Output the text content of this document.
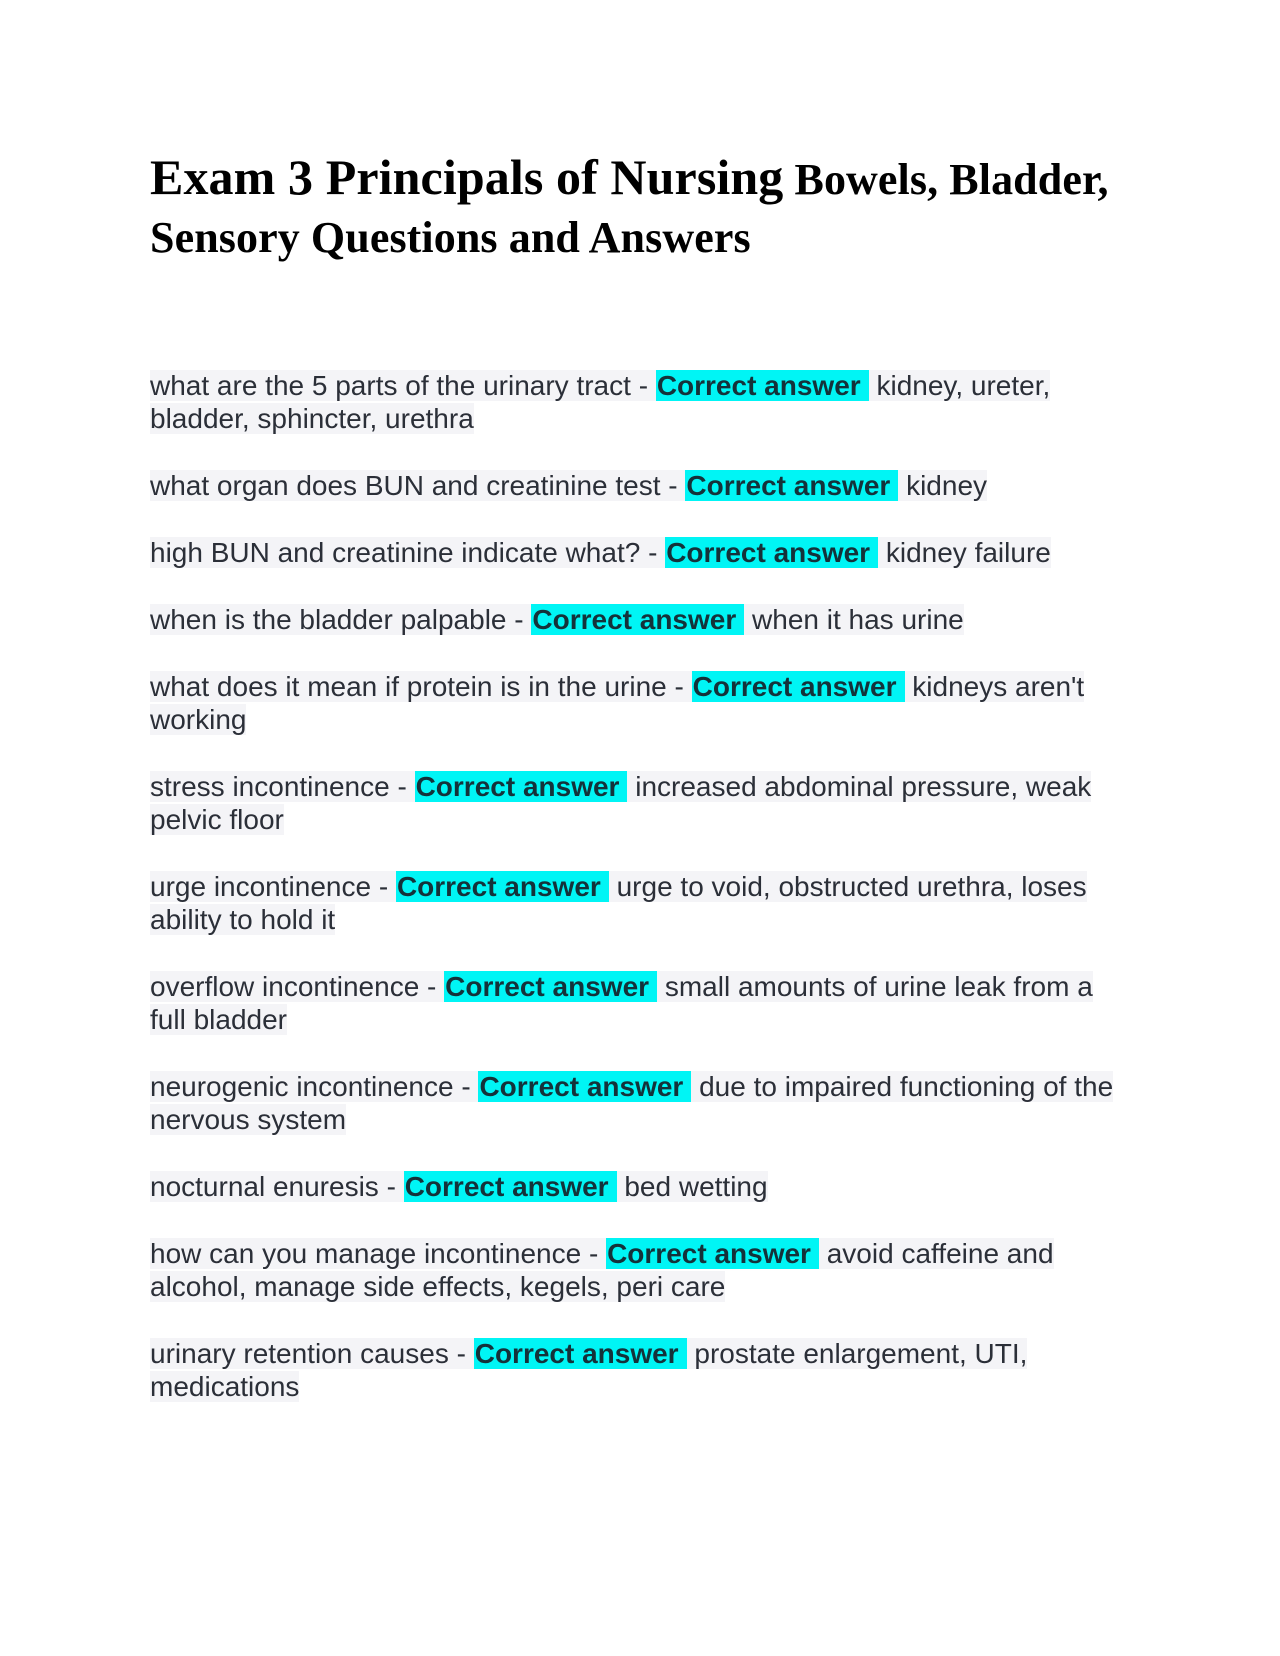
Exam 3 Principals of Nursing Bowels, Bladder,
Sensory Questions and Answers

what are the 5 parts of the urinary tract - Correct answer kidney, ureter, bladder, sphincter, urethra

what organ does BUN and creatinine test - Correct answer kidney

high BUN and creatinine indicate what? - Correct answer kidney failure

when is the bladder palpable - Correct answer when it has urine

what does it mean if protein is in the urine - Correct answer kidneys aren't working

stress incontinence - Correct answer increased abdominal pressure, weak pelvic floor

urge incontinence - Correct answer urge to void, obstructed urethra, loses ability to hold it

overflow incontinence - Correct answer small amounts of urine leak from a full bladder

neurogenic incontinence - Correct answer due to impaired functioning of the nervous system

nocturnal enuresis - Correct answer bed wetting

how can you manage incontinence - Correct answer avoid caffeine and alcohol, manage side effects, kegels, peri care

urinary retention causes - Correct answer prostate enlargement, UTI, medications
